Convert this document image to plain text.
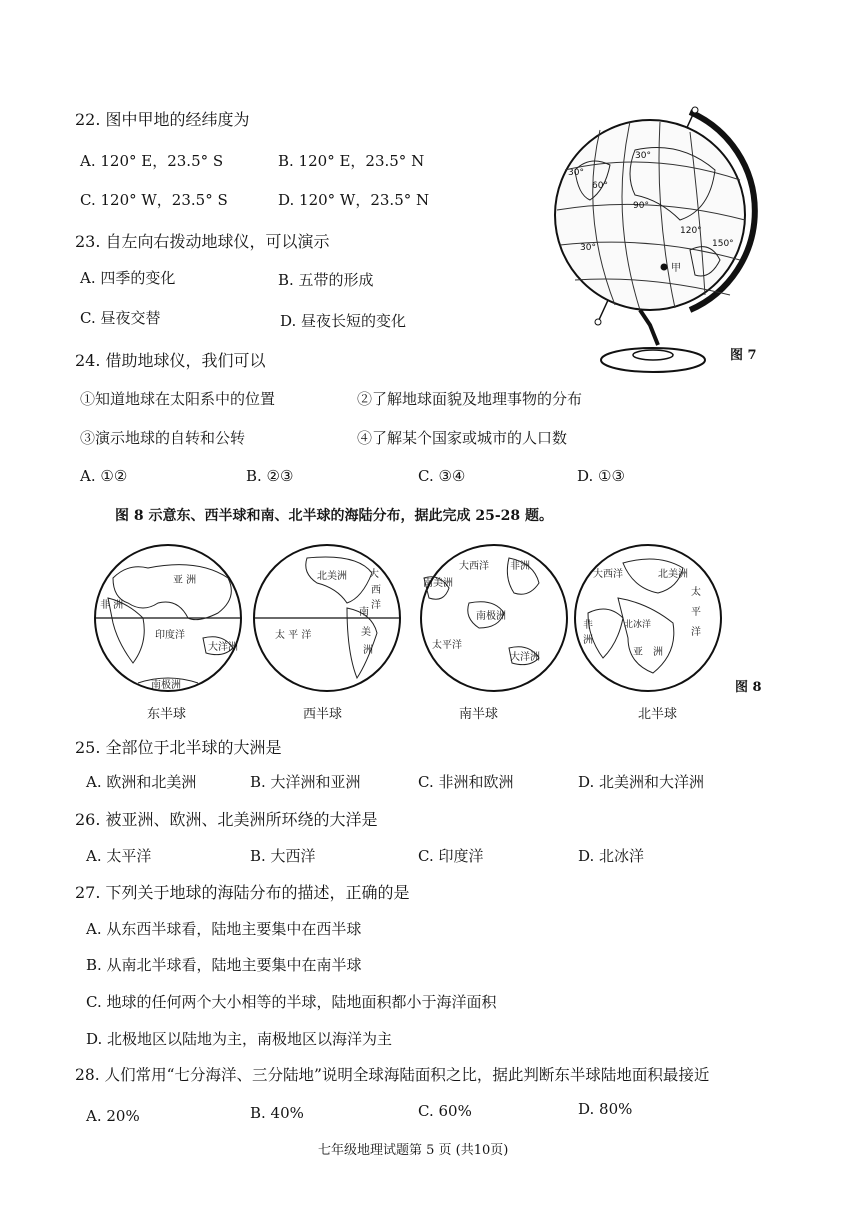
22. 图中甲地的经纬度为
A. 120° E，23.5° S	B. 120° E，23.5° N
C. 120° W，23.5° S	D. 120° W，23.5° N
23. 自左向右拨动地球仪，可以演示
A. 四季的变化	B. 五带的形成
C. 昼夜交替	D. 昼夜长短的变化
30°
30°
60°
90°
120°
150°
30°
甲
图 7
24. 借助地球仪，我们可以
①知道地球在太阳系中的位置	②了解地球面貌及地理事物的分布
③演示地球的自转和公转	④了解某个国家或城市的人口数
A. ①②	B. ②③	C. ③④	D. ①③
图 8 示意东、西半球和南、北半球的海陆分布，据此完成 25-28 题。
亚 洲
非 洲
印度洋
大洋洲
南极洲
北美洲 大
西
洋
南
美
洲
太 平 洋
大西洋 非洲
南美洲
南极洲
太平洋
大洋洲
大西洋	北美洲
太
平
洋
非
洲
亚 洲
北冰洋
东半球	西半球	南半球	北半球
图 8
25. 全部位于北半球的大洲是
A. 欧洲和北美洲	B. 大洋洲和亚洲	C. 非洲和欧洲	D. 北美洲和大洋洲
26. 被亚洲、欧洲、北美洲所环绕的大洋是
A. 太平洋	B. 大西洋	C. 印度洋	D. 北冰洋
27. 下列关于地球的海陆分布的描述，正确的是
A. 从东西半球看，陆地主要集中在西半球
B. 从南北半球看，陆地主要集中在南半球
C. 地球的任何两个大小相等的半球，陆地面积都小于海洋面积
D. 北极地区以陆地为主，南极地区以海洋为主
28. 人们常用“七分海洋、三分陆地”说明全球海陆面积之比，据此判断东半球陆地面积最接近
A. 20%	B. 40%	C. 60%	D. 80%
七年级地理试题第 5 页 (共10页)
